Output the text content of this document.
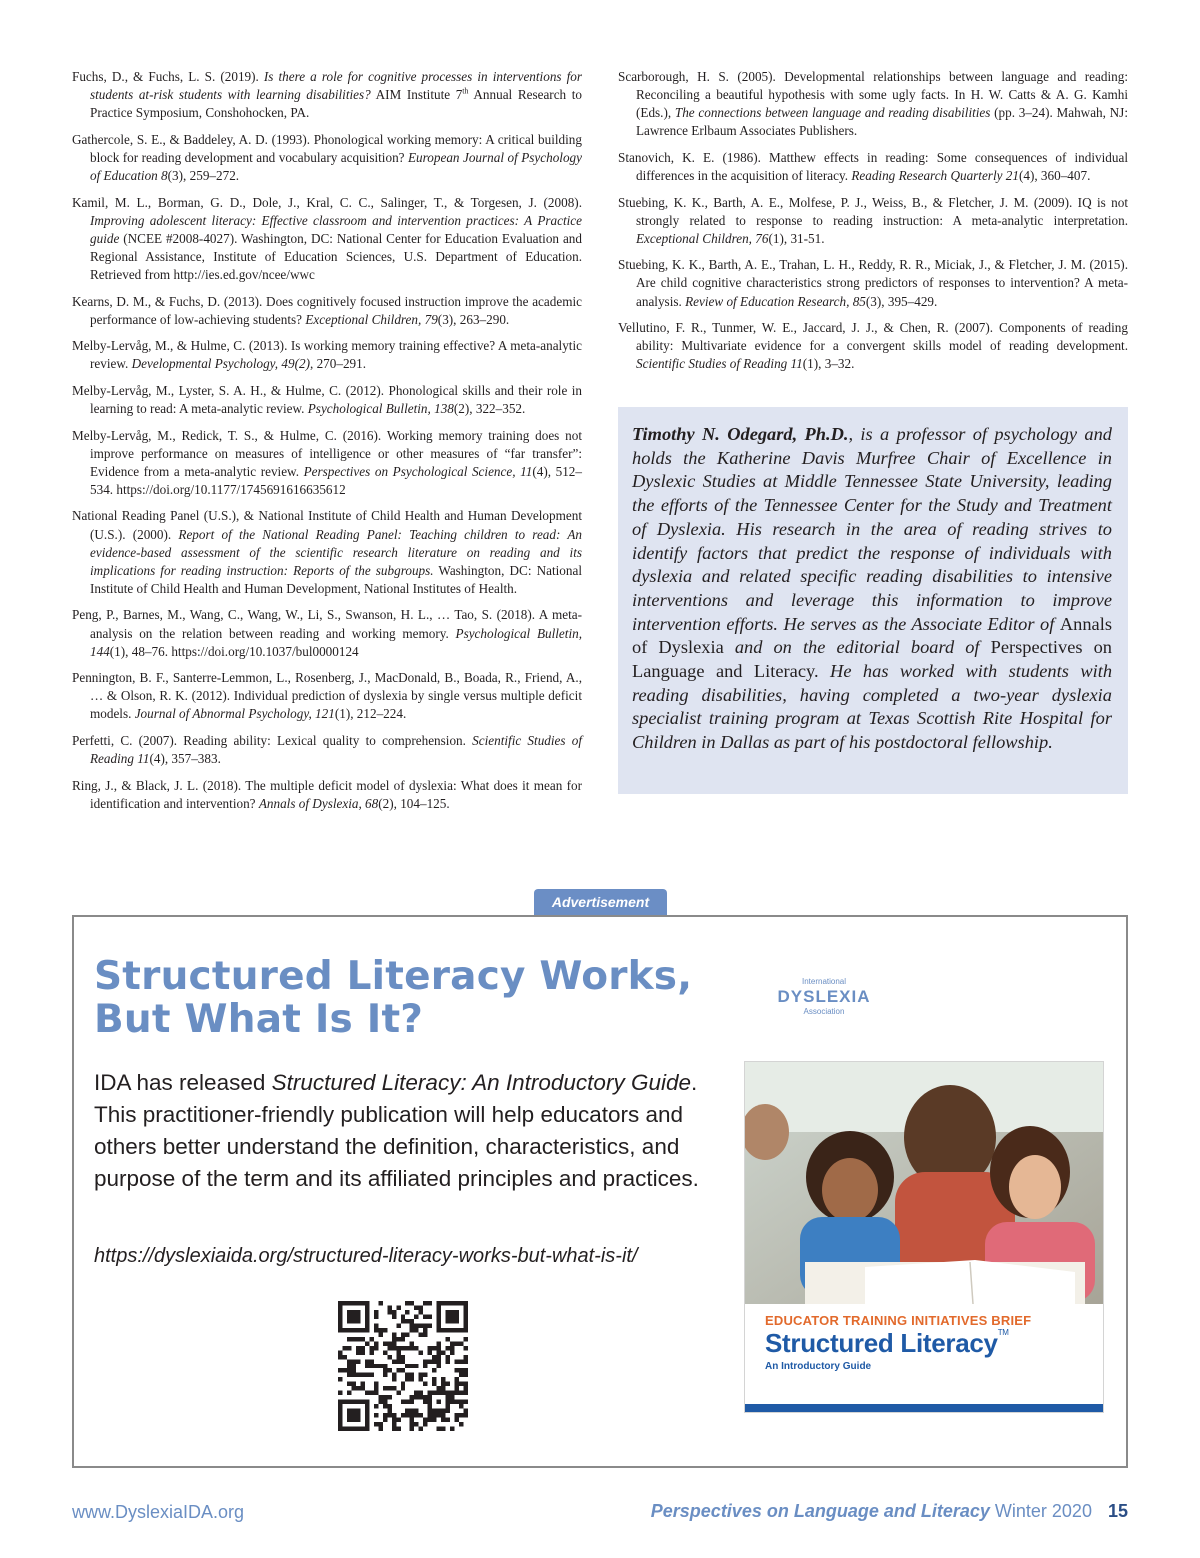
Fuchs, D., & Fuchs, L. S. (2019). Is there a role for cognitive processes in interventions for students at-risk students with learning disabilities? AIM Institute 7th Annual Research to Practice Symposium, Conshohocken, PA.

Gathercole, S. E., & Baddeley, A. D. (1993). Phonological working memory: A critical building block for reading development and vocabulary acquisition? European Journal of Psychology of Education 8(3), 259–272.

Kamil, M. L., Borman, G. D., Dole, J., Kral, C. C., Salinger, T., & Torgesen, J. (2008). Improving adolescent literacy: Effective classroom and intervention practices: A Practice guide (NCEE #2008-4027). Washington, DC: National Center for Education Evaluation and Regional Assistance, Institute of Education Sciences, U.S. Department of Education. Retrieved from http://ies.ed.gov/ncee/wwc

Kearns, D. M., & Fuchs, D. (2013). Does cognitively focused instruction improve the academic performance of low-achieving students? Exceptional Children, 79(3), 263–290.

Melby-Lervåg, M., & Hulme, C. (2013). Is working memory training effective? A meta-analytic review. Developmental Psychology, 49(2), 270–291.

Melby-Lervåg, M., Lyster, S. A. H., & Hulme, C. (2012). Phonological skills and their role in learning to read: A meta-analytic review. Psychological Bulletin, 138(2), 322–352.

Melby-Lervåg, M., Redick, T. S., & Hulme, C. (2016). Working memory training does not improve performance on measures of intelligence or other measures of “far transfer”: Evidence from a meta-analytic review. Perspectives on Psychological Science, 11(4), 512–534. https://doi.org/10.1177/1745691616635612

National Reading Panel (U.S.), & National Institute of Child Health and Human Development (U.S.). (2000). Report of the National Reading Panel: Teaching children to read: An evidence-based assessment of the scientific research literature on reading and its implications for reading instruction: Reports of the subgroups. Washington, DC: National Institute of Child Health and Human Development, National Institutes of Health.

Peng, P., Barnes, M., Wang, C., Wang, W., Li, S., Swanson, H. L., … Tao, S. (2018). A meta-analysis on the relation between reading and working memory. Psychological Bulletin, 144(1), 48–76. https://doi.org/10.1037/bul0000124

Pennington, B. F., Santerre-Lemmon, L., Rosenberg, J., MacDonald, B., Boada, R., Friend, A., … & Olson, R. K. (2012). Individual prediction of dyslexia by single versus multiple deficit models. Journal of Abnormal Psychology, 121(1), 212–224.

Perfetti, C. (2007). Reading ability: Lexical quality to comprehension. Scientific Studies of Reading 11(4), 357–383.

Ring, J., & Black, J. L. (2018). The multiple deficit model of dyslexia: What does it mean for identification and intervention? Annals of Dyslexia, 68(2), 104–125.

Scarborough, H. S. (2005). Developmental relationships between language and reading: Reconciling a beautiful hypothesis with some ugly facts. In H. W. Catts & A. G. Kamhi (Eds.), The connections between language and reading disabilities (pp. 3–24). Mahwah, NJ: Lawrence Erlbaum Associates Publishers.

Stanovich, K. E. (1986). Matthew effects in reading: Some consequences of individual differences in the acquisition of literacy. Reading Research Quarterly 21(4), 360–407.

Stuebing, K. K., Barth, A. E., Molfese, P. J., Weiss, B., & Fletcher, J. M. (2009). IQ is not strongly related to response to reading instruction: A meta-analytic interpretation. Exceptional Children, 76(1), 31-51.

Stuebing, K. K., Barth, A. E., Trahan, L. H., Reddy, R. R., Miciak, J., & Fletcher, J. M. (2015). Are child cognitive characteristics strong predictors of responses to intervention? A meta-analysis. Review of Education Research, 85(3), 395–429.

Vellutino, F. R., Tunmer, W. E., Jaccard, J. J., & Chen, R. (2007). Components of reading ability: Multivariate evidence for a convergent skills model of reading development. Scientific Studies of Reading 11(1), 3–32.

Timothy N. Odegard, Ph.D., is a professor of psychology and holds the Katherine Davis Murfree Chair of Excellence in Dyslexic Studies at Middle Tennessee State University, leading the efforts of the Tennessee Center for the Study and Treatment of Dyslexia. His research in the area of reading strives to identify factors that predict the response of individuals with dyslexia and related specific reading disabilities to intensive interventions and leverage this information to improve intervention efforts. He serves as the Associate Editor of Annals of Dyslexia and on the editorial board of Perspectives on Language and Literacy. He has worked with students with reading disabilities, having completed a two-year dyslexia specialist training program at Texas Scottish Rite Hospital for Children in Dallas as part of his postdoctoral fellowship.

Advertisement
Structured Literacy Works,
But What Is It?

IDA has released Structured Literacy: An Introductory Guide. This practitioner-friendly publication will help educators and others better understand the definition, characteristics, and purpose of the term and its affiliated principles and practices.

https://dyslexiaida.org/structured-literacy-works-but-what-is-it/

International
DYSLEXIA
Association

EDUCATOR TRAINING INITIATIVES BRIEF

Structured Literacy™

An Introductory Guide

www.DyslexiaIDA.org	Perspectives on Language and Literacy Winter 2020 15
